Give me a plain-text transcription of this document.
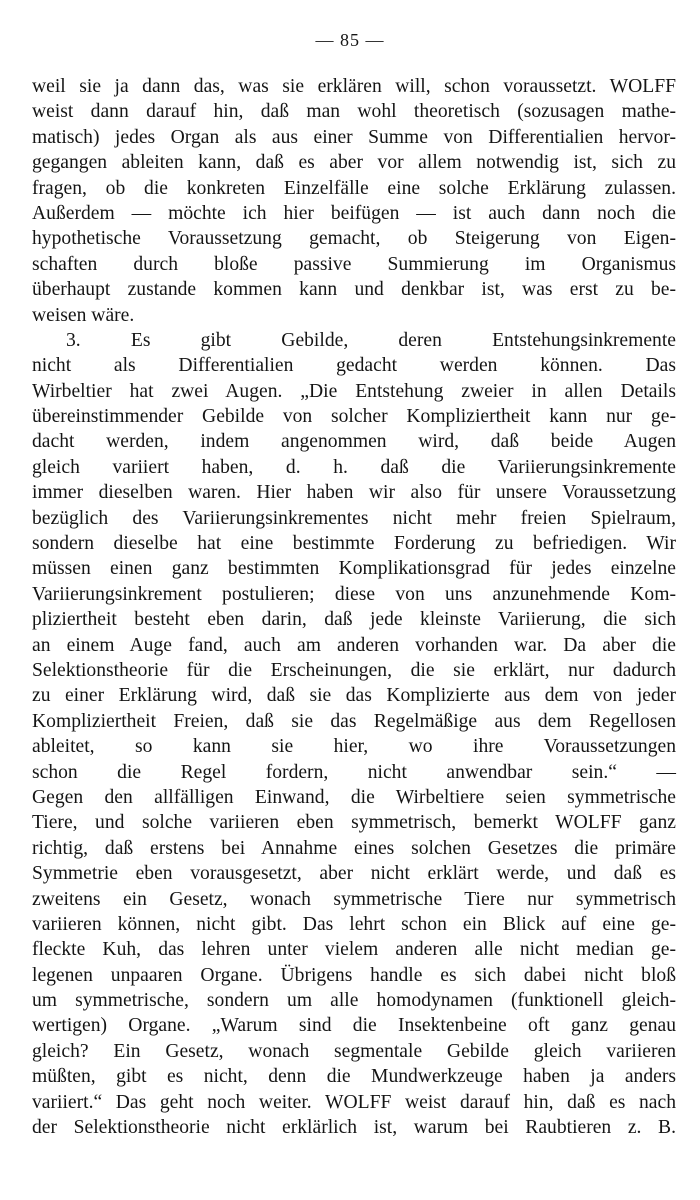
— 85 —
weil sie ja dann das, was sie erklären will, schon voraussetzt. WOLFF
weist dann darauf hin, daß man wohl theoretisch (sozusagen mathe-
matisch) jedes Organ als aus einer Summe von Differentialien hervor-
gegangen ableiten kann, daß es aber vor allem notwendig ist, sich zu
fragen, ob die konkreten Einzelfälle eine solche Erklärung zulassen.
Außerdem — möchte ich hier beifügen — ist auch dann noch die
hypothetische Voraussetzung gemacht, ob Steigerung von Eigen-
schaften durch bloße passive Summierung im Organismus
überhaupt zustande kommen kann und denkbar ist, was erst zu be-
weisen wäre.
3. Es gibt Gebilde, deren Entstehungsinkremente
nicht als Differentialien gedacht werden können. Das
Wirbeltier hat zwei Augen. „Die Entstehung zweier in allen Details
übereinstimmender Gebilde von solcher Kompliziertheit kann nur ge-
dacht werden, indem angenommen wird, daß beide Augen
gleich variiert haben, d. h. daß die Variierungsinkremente
immer dieselben waren. Hier haben wir also für unsere Voraussetzung
bezüglich des Variierungsinkrementes nicht mehr freien Spielraum,
sondern dieselbe hat eine bestimmte Forderung zu befriedigen. Wir
müssen einen ganz bestimmten Komplikationsgrad für jedes einzelne
Variierungsinkrement postulieren; diese von uns anzunehmende Kom-
pliziertheit besteht eben darin, daß jede kleinste Variierung, die sich
an einem Auge fand, auch am anderen vorhanden war. Da aber die
Selektionstheorie für die Erscheinungen, die sie erklärt, nur dadurch
zu einer Erklärung wird, daß sie das Komplizierte aus dem von jeder
Kompliziertheit Freien, daß sie das Regelmäßige aus dem Regellosen
ableitet, so kann sie hier, wo ihre Voraussetzungen
schon die Regel fordern, nicht anwendbar sein.“ —
Gegen den allfälligen Einwand, die Wirbeltiere seien symmetrische
Tiere, und solche variieren eben symmetrisch, bemerkt WOLFF ganz
richtig, daß erstens bei Annahme eines solchen Gesetzes die primäre
Symmetrie eben vorausgesetzt, aber nicht erklärt werde, und daß es
zweitens ein Gesetz, wonach symmetrische Tiere nur symmetrisch
variieren können, nicht gibt. Das lehrt schon ein Blick auf eine ge-
fleckte Kuh, das lehren unter vielem anderen alle nicht median ge-
legenen unpaaren Organe. Übrigens handle es sich dabei nicht bloß
um symmetrische, sondern um alle homodynamen (funktionell gleich-
wertigen) Organe. „Warum sind die Insektenbeine oft ganz genau
gleich? Ein Gesetz, wonach segmentale Gebilde gleich variieren
müßten, gibt es nicht, denn die Mundwerkzeuge haben ja anders
variiert.“ Das geht noch weiter. WOLFF weist darauf hin, daß es nach
der Selektionstheorie nicht erklärlich ist, warum bei Raubtieren z. B.
